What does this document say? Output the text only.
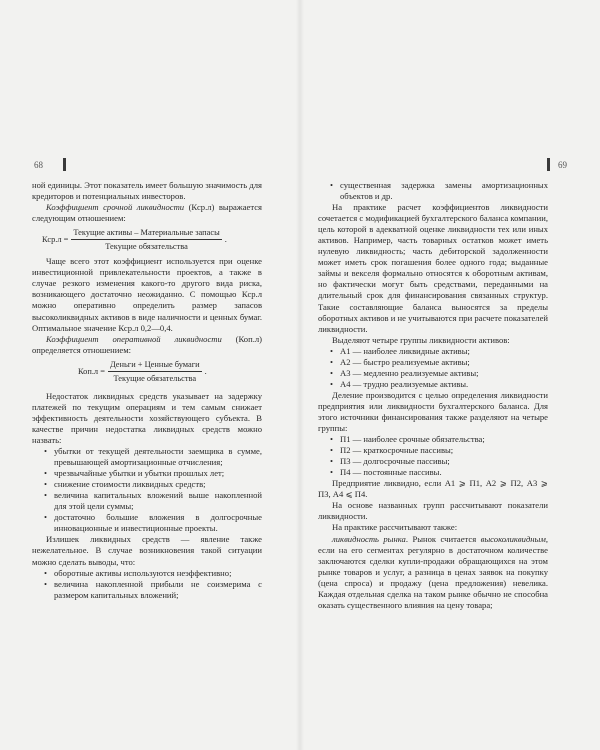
68	69

ной единицы. Этот показатель имеет большую значимость для кредиторов и потенциальных инвесторов.

Коэффициент срочной ликвидности (Кср.л) выражается следующим отношением:

$Кср.л = \frac{\text{Текущие активы – Материальные запасы}}{\text{Текущие обязательства}}$ .

Чаще всего этот коэффициент используется при оценке инвестиционной привлекательности проектов, а также в случае резкого изменения какого-то другого вида риска, возникающего достаточно неожиданно. С помощью Кср.л можно оперативно определить размер запасов высоколиквидных активов в виде наличности и ценных бумаг. Оптимальное значение Кср.л 0,2—0,4.

Коэффициент оперативной ликвидности (Коп.л) определяется отношением:

$Коп.л = \frac{\text{Деньги + Ценные бумаги}}{\text{Текущие обязательства}}$ .

Недостаток ликвидных средств указывает на задержку платежей по текущим операциям и тем самым снижает эффективность деятельности хозяйствующего субъекта. В качестве причин недостатка ликвидных средств можно назвать:

• убытки от текущей деятельности заемщика в сумме, превышающей амортизационные отчисления;

• чрезвычайные убытки и убытки прошлых лет;

• снижение стоимости ликвидных средств;

• величина капитальных вложений выше накопленной для этой цели суммы;

• достаточно большие вложения в долгосрочные инновационные и инвестиционные проекты.

Излишек ликвидных средств — явление также нежелательное. В случае возникновения такой ситуации можно сделать выводы, что:

• оборотные активы используются неэффективно;

• величина накопленной прибыли не соизмерима с размером капитальных вложений;

• существенная задержка замены амортизационных объектов и др.

На практике расчет коэффициентов ликвидности сочетается с модификацией бухгалтерского баланса компании, цель которой в адекватной оценке ликвидности тех или иных активов. Например, часть товарных остатков может иметь нулевую ликвидность; часть дебиторской задолженности может иметь срок погашения более одного года; выданные займы и векселя формально относятся к оборотным активам, но фактически могут быть средствами, переданными на длительный срок для финансирования связанных структур. Такие составляющие баланса выносятся за пределы оборотных активов и не учитываются при расчете показателей ликвидности.

Выделяют четыре группы ликвидности активов:

• А1 — наиболее ликвидные активы;

• А2 — быстро реализуемые активы;

• А3 — медленно реализуемые активы;

• А4 — трудно реализуемые активы.

Деление производится с целью определения ликвидности предприятия или ликвидности бухгалтерского баланса. Для этого источники финансирования также разделяют на четыре группы:

• П1 — наиболее срочные обязательства;

• П2 — краткосрочные пассивы;

• П3 — долгосрочные пассивы;

• П4 — постоянные пассивы.

Предприятие ликвидно, если А1 ⩾ П1, А2 ⩾ П2, А3 ⩾ П3, А4 ⩽ П4.

На основе названных групп рассчитывают показатели ликвидности.

На практике рассчитывают также:

ликвидность рынка. Рынок считается высоколиквидным, если на его сегментах регулярно в достаточном количестве заключаются сделки купли-продажи обращающихся на этом рынке товаров и услуг, а разница в ценах заявок на покупку (цена спроса) и продажу (цена предложения) невелика. Каждая отдельная сделка на таком рынке обычно не способна оказать существенного влияния на цену товара;
